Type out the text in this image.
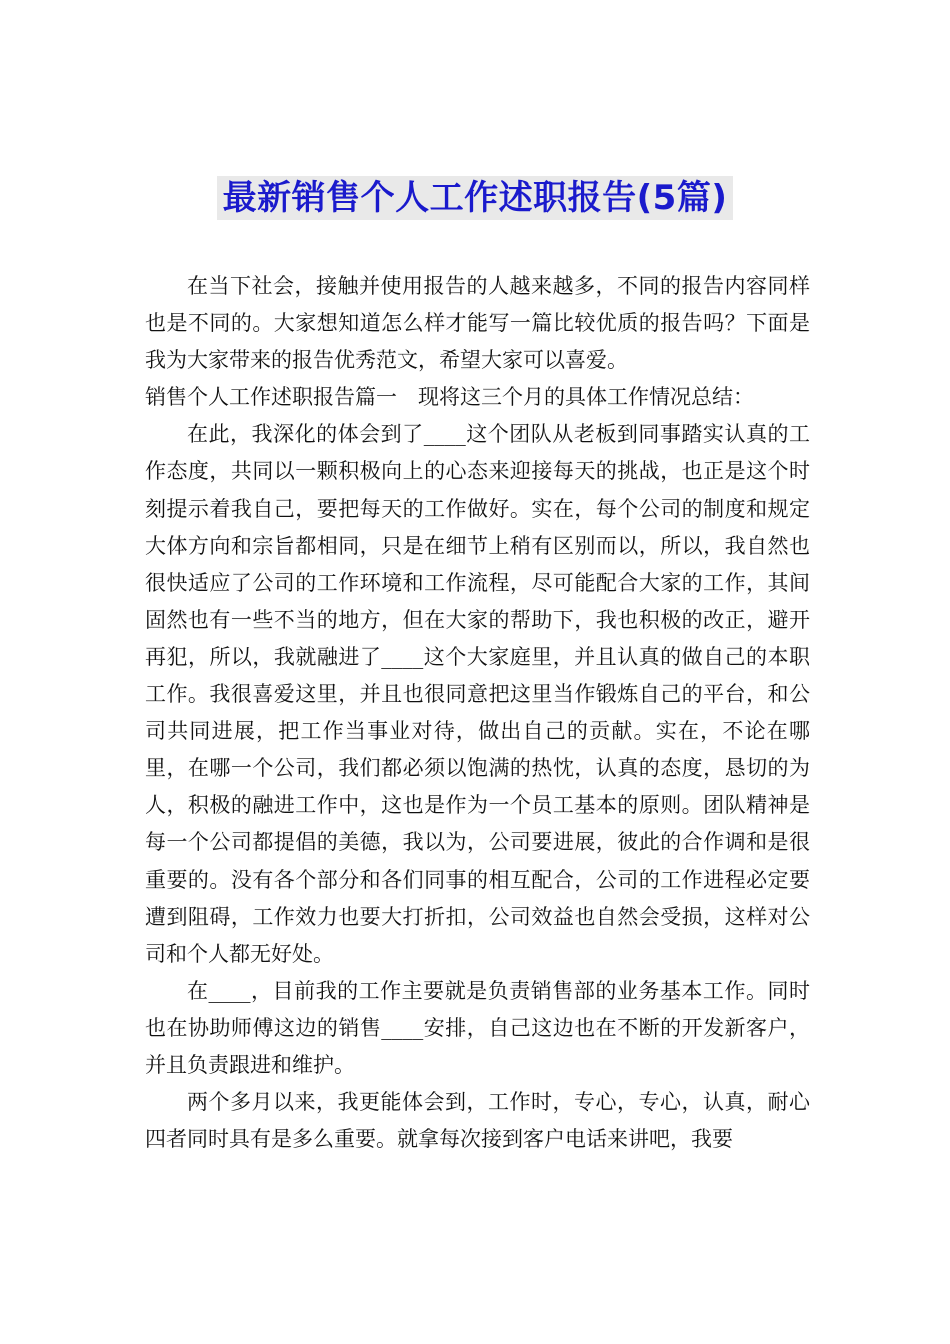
最新销售个人工作述职报告(5篇)

在当下社会，接触并使用报告的人越来越多，不同的报告内容同样也是不同的。大家想知道怎么样才能写一篇比较优质的报告吗？下面是我为大家带来的报告优秀范文，希望大家可以喜爱。

销售个人工作述职报告篇一　现将这三个月的具体工作情况总结：

在此，我深化的体会到了____这个团队从老板到同事踏实认真的工作态度，共同以一颗积极向上的心态来迎接每天的挑战，也正是这个时刻提示着我自己，要把每天的工作做好。实在，每个公司的制度和规定大体方向和宗旨都相同，只是在细节上稍有区别而以，所以，我自然也很快适应了公司的工作环境和工作流程，尽可能配合大家的工作，其间固然也有一些不当的地方，但在大家的帮助下，我也积极的改正，避开再犯，所以，我就融进了____这个大家庭里，并且认真的做自己的本职工作。我很喜爱这里，并且也很同意把这里当作锻炼自己的平台，和公司共同进展，把工作当事业对待，做出自己的贡献。实在，不论在哪里，在哪一个公司，我们都必须以饱满的热忱，认真的态度，恳切的为人，积极的融进工作中，这也是作为一个员工基本的原则。团队精神是每一个公司都提倡的美德，我以为，公司要进展，彼此的合作调和是很重要的。没有各个部分和各们同事的相互配合，公司的工作进程必定要遭到阻碍，工作效力也要大打折扣，公司效益也自然会受损，这样对公司和个人都无好处。

在____，目前我的工作主要就是负责销售部的业务基本工作。同时也在协助师傅这边的销售____安排，自己这边也在不断的开发新客户，并且负责跟进和维护。

两个多月以来，我更能体会到，工作时，专心，专心，认真，耐心四者同时具有是多么重要。就拿每次接到客户电话来讲吧，我要
